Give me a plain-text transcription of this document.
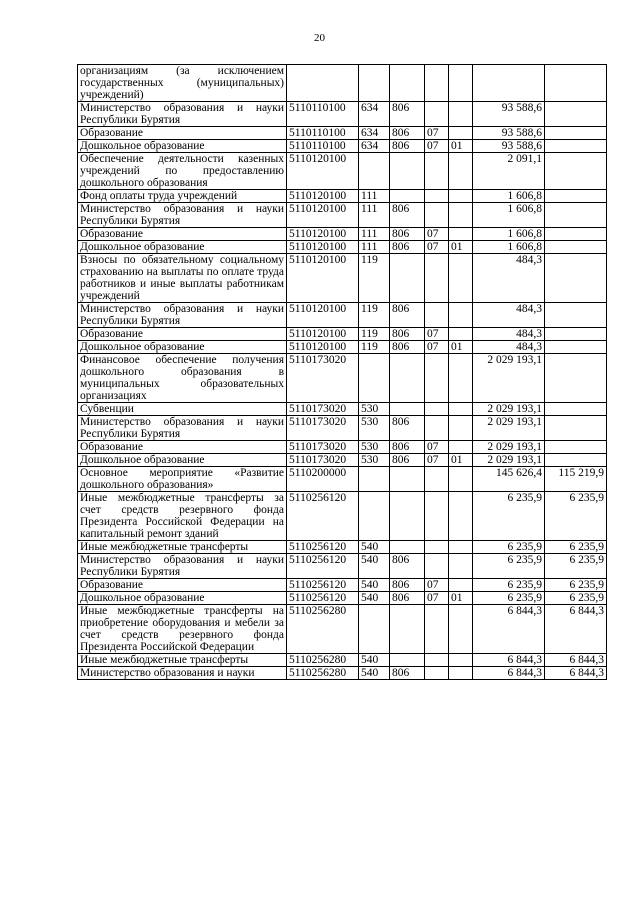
20
организациям (за исключением государственных (муниципальных) учреждений)							
Министерство образования и науки Республики Бурятия	5110110100	634	806			93 588,6	
Образование	5110110100	634	806	07		93 588,6	
Дошкольное образование	5110110100	634	806	07	01	93 588,6	
Обеспечение деятельности казенных учреждений по предоставлению дошкольного образования	5110120100					2 091,1	
Фонд оплаты труда учреждений	5110120100	111				1 606,8	
Министерство образования и науки Республики Бурятия	5110120100	111	806			1 606,8	
Образование	5110120100	111	806	07		1 606,8	
Дошкольное образование	5110120100	111	806	07	01	1 606,8	
Взносы по обязательному социальному страхованию на выплаты по оплате труда работников и иные выплаты работникам учреждений	5110120100	119				484,3	
Министерство образования и науки Республики Бурятия	5110120100	119	806			484,3	
Образование	5110120100	119	806	07		484,3	
Дошкольное образование	5110120100	119	806	07	01	484,3	
Финансовое обеспечение получения дошкольного образования в муниципальных образовательных организациях	5110173020					2 029 193,1	
Субвенции	5110173020	530				2 029 193,1	
Министерство образования и науки Республики Бурятия	5110173020	530	806			2 029 193,1	
Образование	5110173020	530	806	07		2 029 193,1	
Дошкольное образование	5110173020	530	806	07	01	2 029 193,1	
Основное мероприятие «Развитие дошкольного образования»	5110200000					145 626,4	115 219,9
Иные межбюджетные трансферты за счет средств резервного фонда Президента Российской Федерации на капитальный ремонт зданий	5110256120					6 235,9	6 235,9
Иные межбюджетные трансферты	5110256120	540				6 235,9	6 235,9
Министерство образования и науки Республики Бурятия	5110256120	540	806			6 235,9	6 235,9
Образование	5110256120	540	806	07		6 235,9	6 235,9
Дошкольное образование	5110256120	540	806	07	01	6 235,9	6 235,9
Иные межбюджетные трансферты на приобретение оборудования и мебели за счет средств резервного фонда Президента Российской Федерации	5110256280					6 844,3	6 844,3
Иные межбюджетные трансферты	5110256280	540				6 844,3	6 844,3
Министерство образования и науки	5110256280	540	806			6 844,3	6 844,3
